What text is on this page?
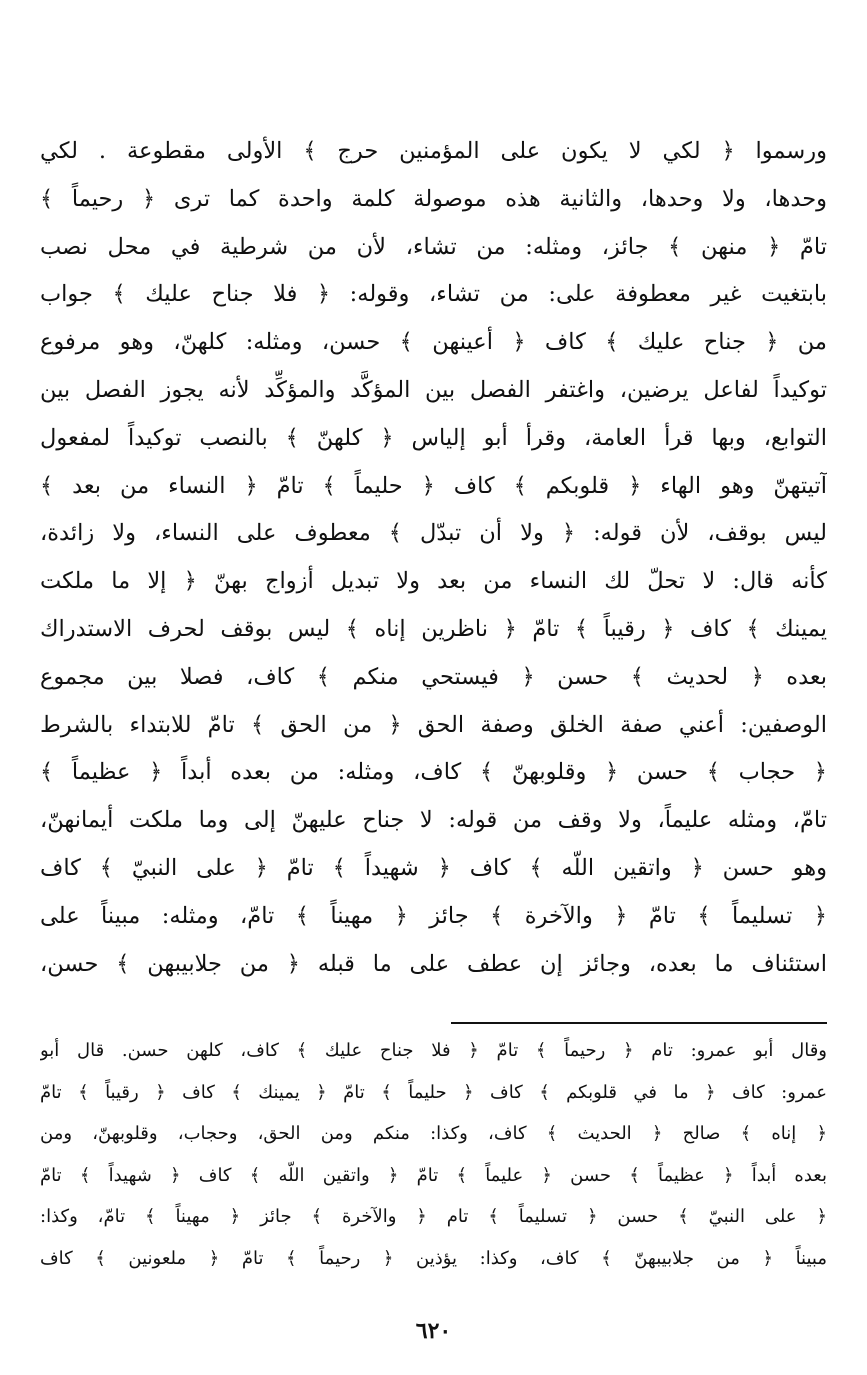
ورسموا ﴿ لكي لا يكون على المؤمنين حرج ﴾ الأولى مقطوعة . لكي
وحدها، ولا وحدها، والثانية هذه موصولة كلمة واحدة كما ترى ﴿ رحيماً ﴾
تامّ ﴿ منهن ﴾ جائز، ومثله: من تشاء، لأن من شرطية في محل نصب
بابتغيت غير معطوفة على: من تشاء، وقوله: ﴿ فلا جناح عليك ﴾ جواب
من ﴿ جناح عليك ﴾ كاف ﴿ أعينهن ﴾ حسن، ومثله: كلهنّ، وهو مرفوع
توكيداً لفاعل يرضين، واغتفر الفصل بين المؤكَّد والمؤكِّد لأنه يجوز الفصل بين
التوابع، وبها قرأ العامة، وقرأ أبو إلياس ﴿ كلهنّ ﴾ بالنصب توكيداً لمفعول
آتيتهنّ وهو الهاء ﴿ قلوبكم ﴾ كاف ﴿ حليماً ﴾ تامّ ﴿ النساء من بعد ﴾
ليس بوقف، لأن قوله: ﴿ ولا أن تبدّل ﴾ معطوف على النساء، ولا زائدة،
كأنه قال: لا تحلّ لك النساء من بعد ولا تبديل أزواج بهنّ ﴿ إلا ما ملكت
يمينك ﴾ كاف ﴿ رقيباً ﴾ تامّ ﴿ ناظرين إناه ﴾ ليس بوقف لحرف الاستدراك
بعده ﴿ لحديث ﴾ حسن ﴿ فيستحي منكم ﴾ كاف، فصلا بين مجموع
الوصفين: أعني صفة الخلق وصفة الحق ﴿ من الحق ﴾ تامّ للابتداء بالشرط
﴿ حجاب ﴾ حسن ﴿ وقلوبهنّ ﴾ كاف، ومثله: من بعده أبداً ﴿ عظيماً ﴾
تامّ، ومثله عليماً، ولا وقف من قوله: لا جناح عليهنّ إلى وما ملكت أيمانهنّ،
وهو حسن ﴿ واتقين اللّه ﴾ كاف ﴿ شهيداً ﴾ تامّ ﴿ على النبيّ ﴾ كاف
﴿ تسليماً ﴾ تامّ ﴿ والآخرة ﴾ جائز ﴿ مهيناً ﴾ تامّ، ومثله: مبيناً على
استئناف ما بعده، وجائز إن عطف على ما قبله ﴿ من جلابيبهن ﴾ حسن،
وقال أبو عمرو: تام ﴿ رحيماً ﴾ تامّ ﴿ فلا جناح عليك ﴾ كاف، كلهن حسن. قال أبو
عمرو: كاف ﴿ ما في قلوبكم ﴾ كاف ﴿ حليماً ﴾ تامّ ﴿ يمينك ﴾ كاف ﴿ رقيباً ﴾ تامّ
﴿ إناه ﴾ صالح ﴿ الحديث ﴾ كاف، وكذا: منكم ومن الحق، وحجاب، وقلوبهنّ، ومن
بعده أبداً ﴿ عظيماً ﴾ حسن ﴿ عليماً ﴾ تامّ ﴿ واتقين اللّه ﴾ كاف ﴿ شهيداً ﴾ تامّ
﴿ على النبيّ ﴾ حسن ﴿ تسليماً ﴾ تام ﴿ والآخرة ﴾ جائز ﴿ مهيناً ﴾ تامّ، وكذا:
مبيناً ﴿ من جلابيبهنّ ﴾ كاف، وكذا: يؤذين ﴿ رحيماً ﴾ تامّ ﴿ ملعونين ﴾ كاف
٦٢٠
